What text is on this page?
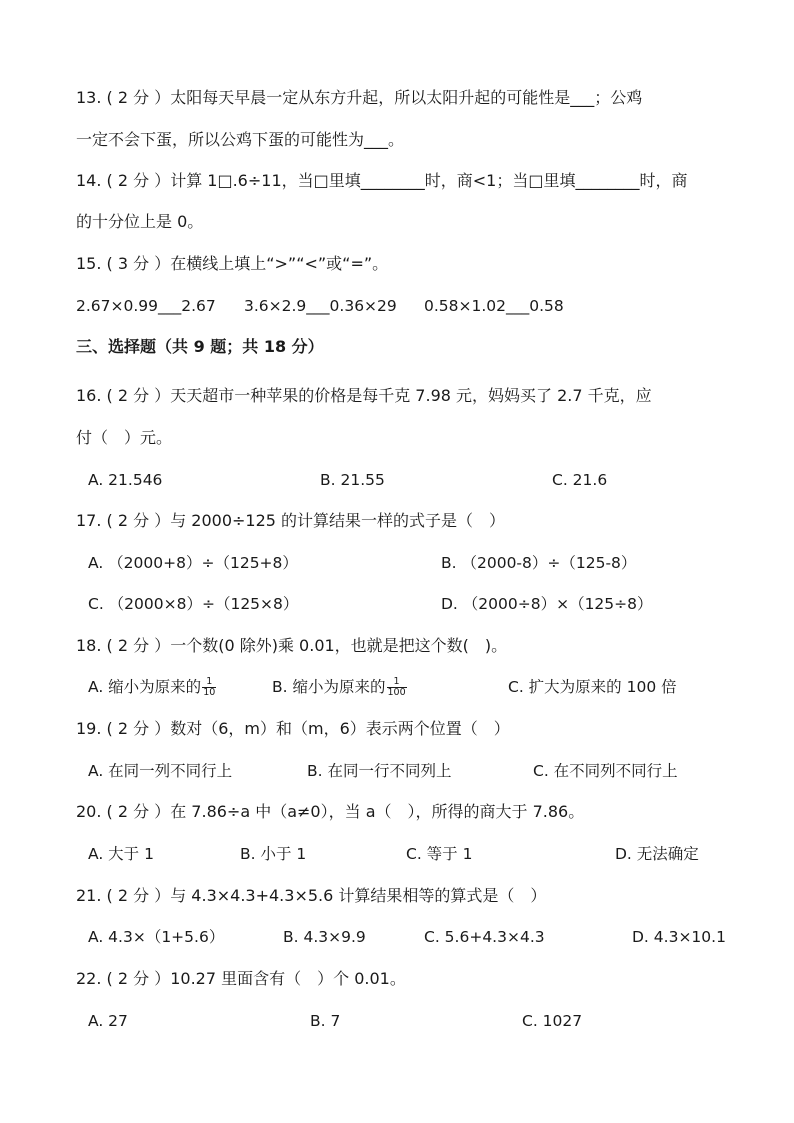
13. ( 2 分 ）太阳每天早晨一定从东方升起，所以太阳升起的可能性是___；公鸡
一定不会下蛋，所以公鸡下蛋的可能性为___。
14. ( 2 分 ）计算 1□.6÷11，当□里填________时，商<1；当□里填________时，商
的十分位上是 0。
15. ( 3 分 ）在横线上填上“>”“<”或“=”。
2.67×0.99___2.67 3.6×2.9___0.36×29 0.58×1.02___0.58
三、选择题（共 9 题；共 18 分）
16. ( 2 分 ）天天超市一种苹果的价格是每千克 7.98 元，妈妈买了 2.7 千克，应
付（　）元。
A. 21.546	B. 21.55	C. 21.6
17. ( 2 分 ）与 2000÷125 的计算结果一样的式子是（　）
A. （2000+8）÷（125+8）	B. （2000-8）÷（125-8）
C. （2000×8）÷（125×8）	D. （2000÷8）×（125÷8）
18. ( 2 分 ）一个数(0 除外)乘 0.01，也就是把这个数(　)。
A. 缩小为原来的 $\frac{1}{10}$	B. 缩小为原来的 $\frac{1}{100}$	C. 扩大为原来的 100 倍
19. ( 2 分 ）数对（6，m）和（m，6）表示两个位置（　）
A. 在同一列不同行上	B. 在同一行不同列上	C. 在不同列不同行上
20. ( 2 分 ）在 7.86÷a 中（a≠0），当 a（　），所得的商大于 7.86。
A. 大于 1	B. 小于 1	C. 等于 1	D. 无法确定
21. ( 2 分 ）与 4.3×4.3+4.3×5.6 计算结果相等的算式是（　）
A. 4.3×（1+5.6）	B. 4.3×9.9	C. 5.6+4.3×4.3	D. 4.3×10.1
22. ( 2 分 ）10.27 里面含有（　）个 0.01。
A. 27	B. 7	C. 1027
